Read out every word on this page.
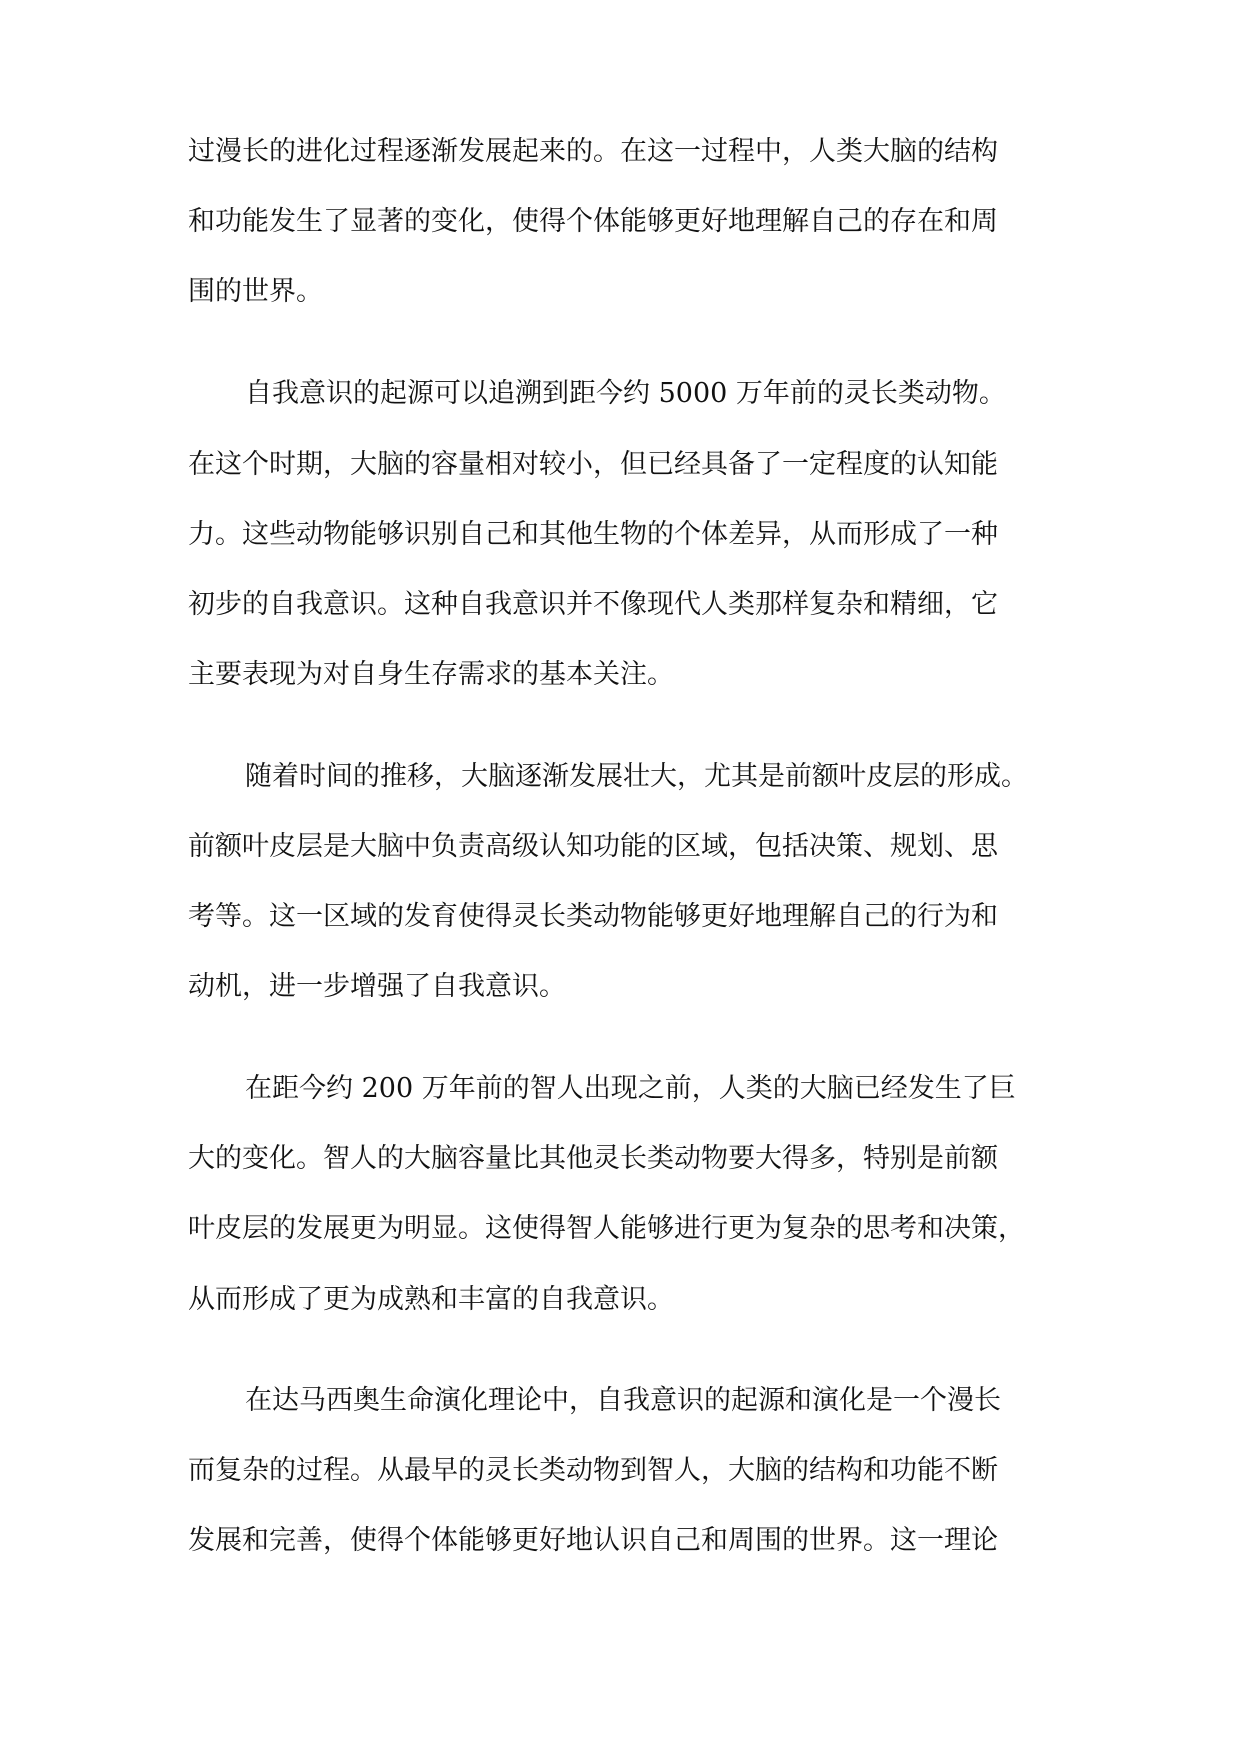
过漫长的进化过程逐渐发展起来的。在这一过程中，人类大脑的结构
和功能发生了显著的变化，使得个体能够更好地理解自己的存在和周
围的世界。
自我意识的起源可以追溯到距今约 5000 万年前的灵长类动物。
在这个时期，大脑的容量相对较小，但已经具备了一定程度的认知能
力。这些动物能够识别自己和其他生物的个体差异，从而形成了一种
初步的自我意识。这种自我意识并不像现代人类那样复杂和精细，它
主要表现为对自身生存需求的基本关注。
随着时间的推移，大脑逐渐发展壮大，尤其是前额叶皮层的形成。
前额叶皮层是大脑中负责高级认知功能的区域，包括决策、规划、思
考等。这一区域的发育使得灵长类动物能够更好地理解自己的行为和
动机，进一步增强了自我意识。
在距今约 200 万年前的智人出现之前，人类的大脑已经发生了巨
大的变化。智人的大脑容量比其他灵长类动物要大得多，特别是前额
叶皮层的发展更为明显。这使得智人能够进行更为复杂的思考和决策，
从而形成了更为成熟和丰富的自我意识。
在达马西奥生命演化理论中，自我意识的起源和演化是一个漫长
而复杂的过程。从最早的灵长类动物到智人，大脑的结构和功能不断
发展和完善，使得个体能够更好地认识自己和周围的世界。这一理论
